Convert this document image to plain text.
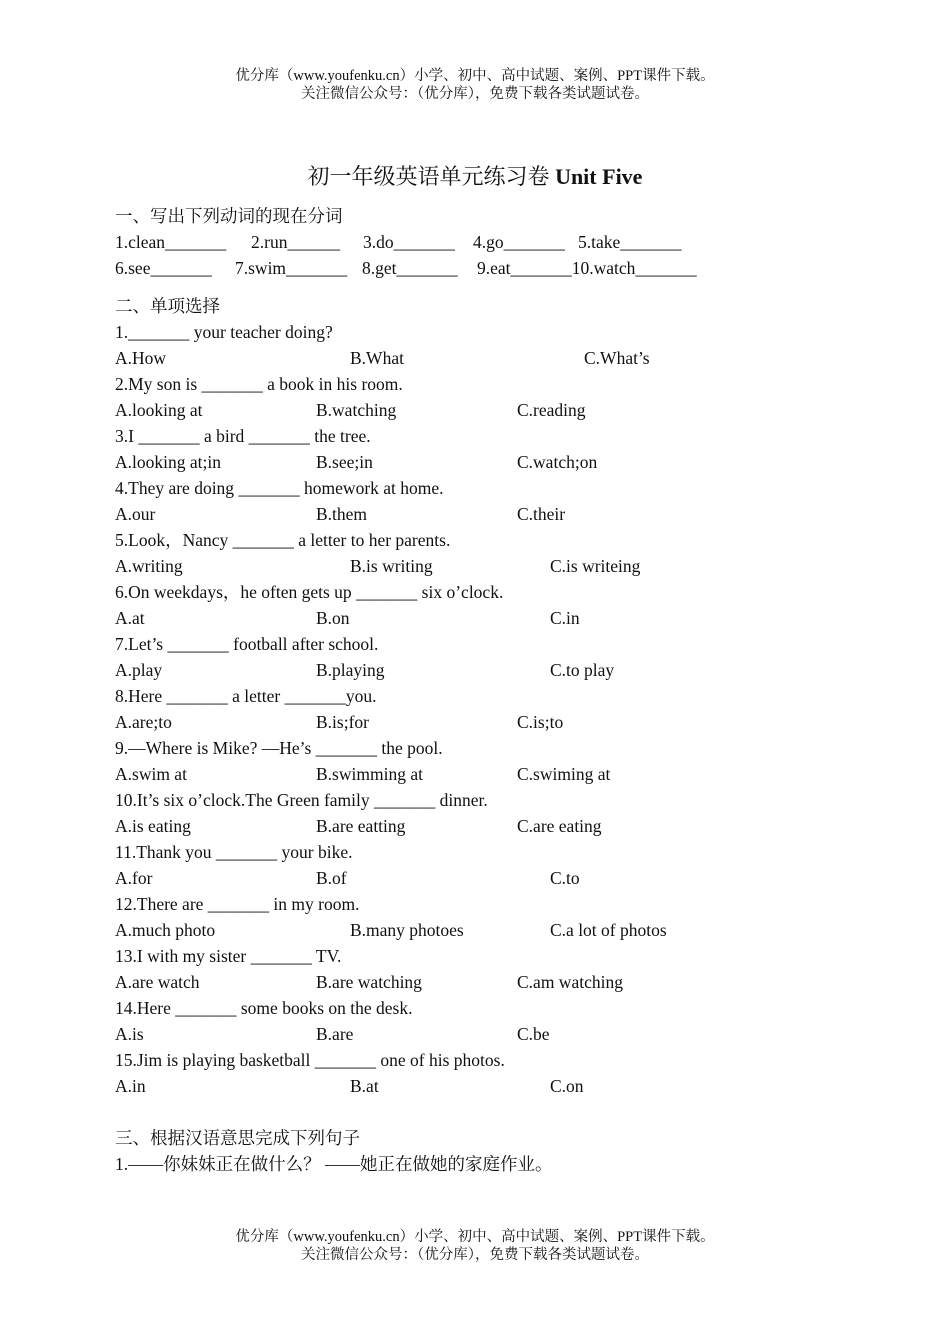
优分库（www.youfenku.cn）小学、初中、高中试题、案例、PPT课件下载。
关注微信公众号：（优分库），免费下载各类试题试卷。
初一年级英语单元练习卷 Unit Five
一、写出下列动词的现在分词
1.clean_______ 2.run______ 3.do_______ 4.go_______ 5.take_______
6.see_______ 7.swim_______ 8.get_______ 9.eat_______10.watch_______
二、单项选择
1._______ your teacher doing?
A.How	B.What	C.What’s
2.My son is _______ a book in his room.
A.looking at	B.watching	C.reading
3.I _______ a bird _______ the tree.
A.looking at;in	B.see;in	C.watch;on
4.They are doing _______ homework at home.
A.our	B.them	C.their
5.Look，Nancy _______ a letter to her parents.
A.writing	B.is writing	C.is writeing
6.On weekdays，he often gets up _______ six o’clock.
A.at	B.on	C.in
7.Let’s _______ football after school.
A.play	B.playing	C.to play
8.Here _______ a letter _______you.
A.are;to	B.is;for	C.is;to
9.—Where is Mike? —He’s _______ the pool.
A.swim at	B.swimming at	C.swiming at
10.It’s six o’clock.The Green family _______ dinner.
A.is eating	B.are eatting	C.are eating
11.Thank you _______ your bike.
A.for	B.of	C.to
12.There are _______ in my room.
A.much photo	B.many photoes	C.a lot of photos
13.I with my sister _______ TV.
A.are watch	B.are watching	C.am watching
14.Here _______ some books on the desk.
A.is	B.are	C.be
15.Jim is playing basketball _______ one of his photos.
A.in	B.at	C.on
三、根据汉语意思完成下列句子
1.——你妹妹正在做什么？ ——她正在做她的家庭作业。
优分库（www.youfenku.cn）小学、初中、高中试题、案例、PPT课件下载。
关注微信公众号：（优分库），免费下载各类试题试卷。
